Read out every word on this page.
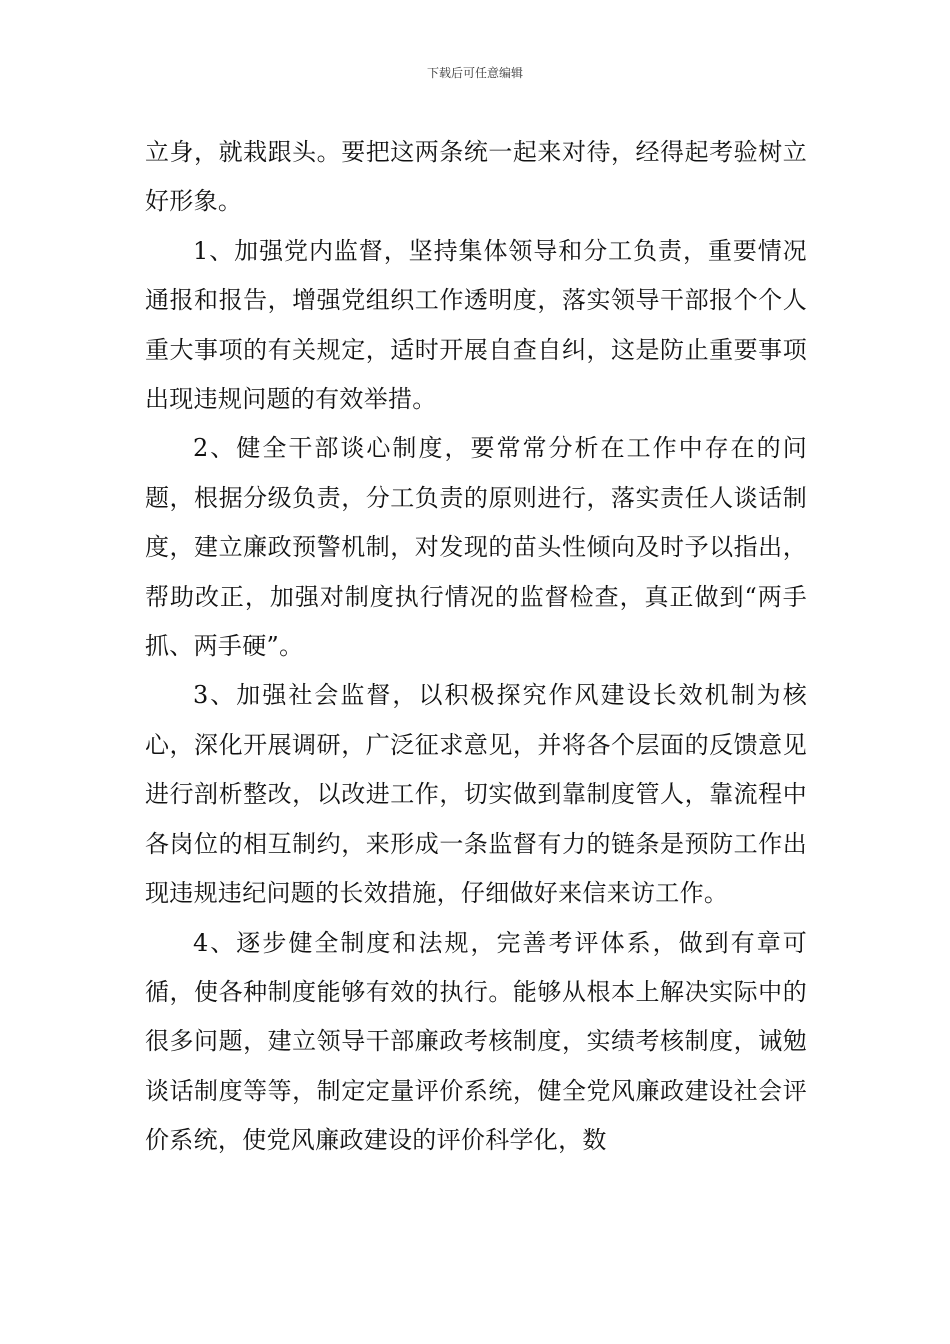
下载后可任意编辑

立身，就栽跟头。要把这两条统一起来对待，经得起考验树立好形象。

1、加强党内监督，坚持集体领导和分工负责，重要情况通报和报告，增强党组织工作透明度，落实领导干部报个个人重大事项的有关规定，适时开展自查自纠，这是防止重要事项出现违规问题的有效举措。

2、健全干部谈心制度，要常常分析在工作中存在的问题，根据分级负责，分工负责的原则进行，落实责任人谈话制度，建立廉政预警机制，对发现的苗头性倾向及时予以指出，帮助改正，加强对制度执行情况的监督检查，真正做到“两手抓、两手硬”。

3、加强社会监督，以积极探究作风建设长效机制为核心，深化开展调研，广泛征求意见，并将各个层面的反馈意见进行剖析整改，以改进工作，切实做到靠制度管人，靠流程中各岗位的相互制约，来形成一条监督有力的链条是预防工作出现违规违纪问题的长效措施，仔细做好来信来访工作。

4、逐步健全制度和法规，完善考评体系，做到有章可循，使各种制度能够有效的执行。能够从根本上解决实际中的很多问题，建立领导干部廉政考核制度，实绩考核制度，诫勉谈话制度等等，制定定量评价系统，健全党风廉政建设社会评价系统，使党风廉政建设的评价科学化，数
